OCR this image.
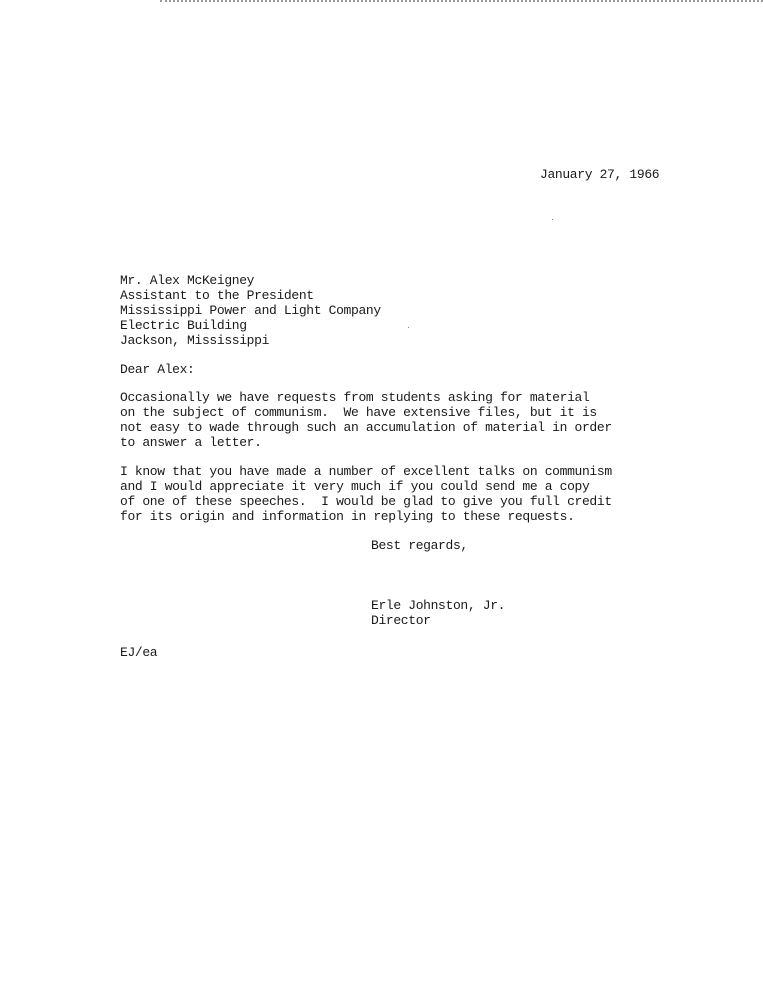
January 27, 1966
Mr. Alex McKeigney
Assistant to the President
Mississippi Power and Light Company
Electric Building
Jackson, Mississippi
Dear Alex:
Occasionally we have requests from students asking for material
on the subject of communism.  We have extensive files, but it is
not easy to wade through such an accumulation of material in order
to answer a letter.
I know that you have made a number of excellent talks on communism
and I would appreciate it very much if you could send me a copy
of one of these speeches.  I would be glad to give you full credit
for its origin and information in replying to these requests.
Best regards,
Erle Johnston, Jr.
Director
EJ/ea
